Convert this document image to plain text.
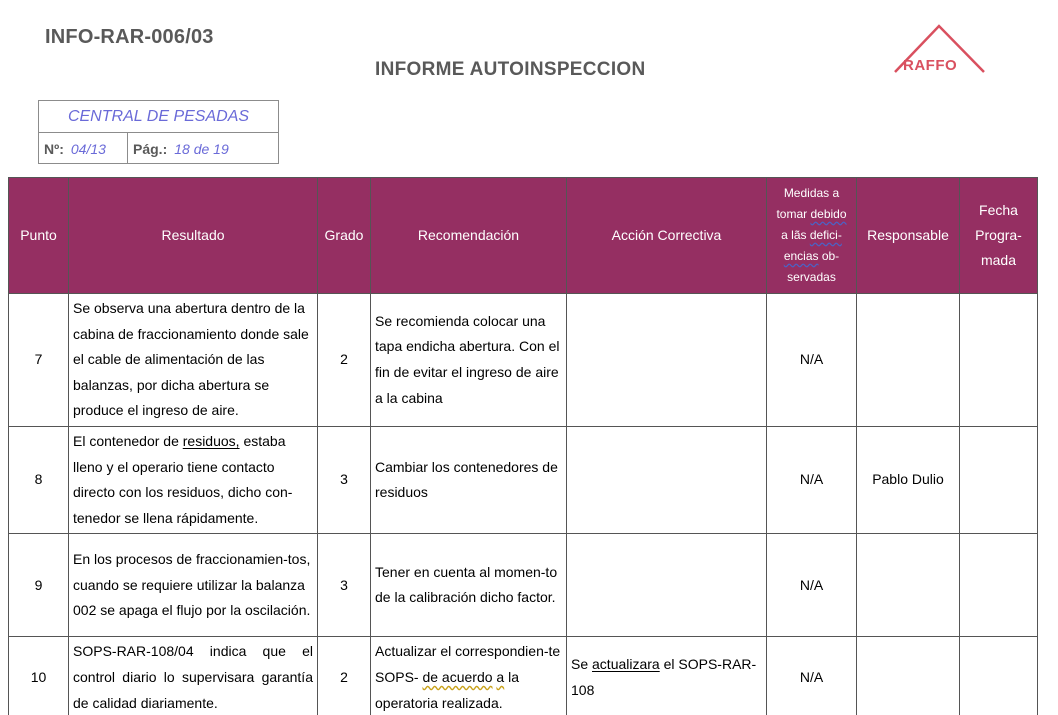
INFO-RAR-006/03
INFORME AUTOINSPECCION	RAFFO
CENTRAL DE PESADAS
Nº: 04/13 Pág.: 18 de 19
Punto	Resultado	Grado	Recomendación	Acción Correctiva	Medidas a
tomar debido
a lãs defici-
encias ob-
servadas	Responsable	Fecha Progra-mada
7	Se observa una abertura dentro de la cabina de fraccionamiento donde sale el cable de alimentación de las balanzas, por dicha abertura se produce el ingreso de aire.	2	Se recomienda colocar una tapa endicha abertura. Con el fin de evitar el ingreso de aire a la cabina		N/A		
8	El contenedor de residuos, estaba lleno y el operario tiene contacto directo con los residuos, dicho con-tenedor se llena rápidamente.	3	Cambiar los contenedores de residuos		N/A	Pablo Dulio	
9	En los procesos de fraccionamien-tos, cuando se requiere utilizar la balanza 002 se apaga el flujo por la oscilación.	3	Tener en cuenta al momen-to de la calibración dicho factor.		N/A		
10	SOPS-RAR-108/04 indica que el control diario lo supervisara garantía de calidad diariamente.	2	Actualizar el correspondien-te SOPS- de acuerdo a la operatoria realizada.	Se actualizara el SOPS-RAR-108	N/A		
